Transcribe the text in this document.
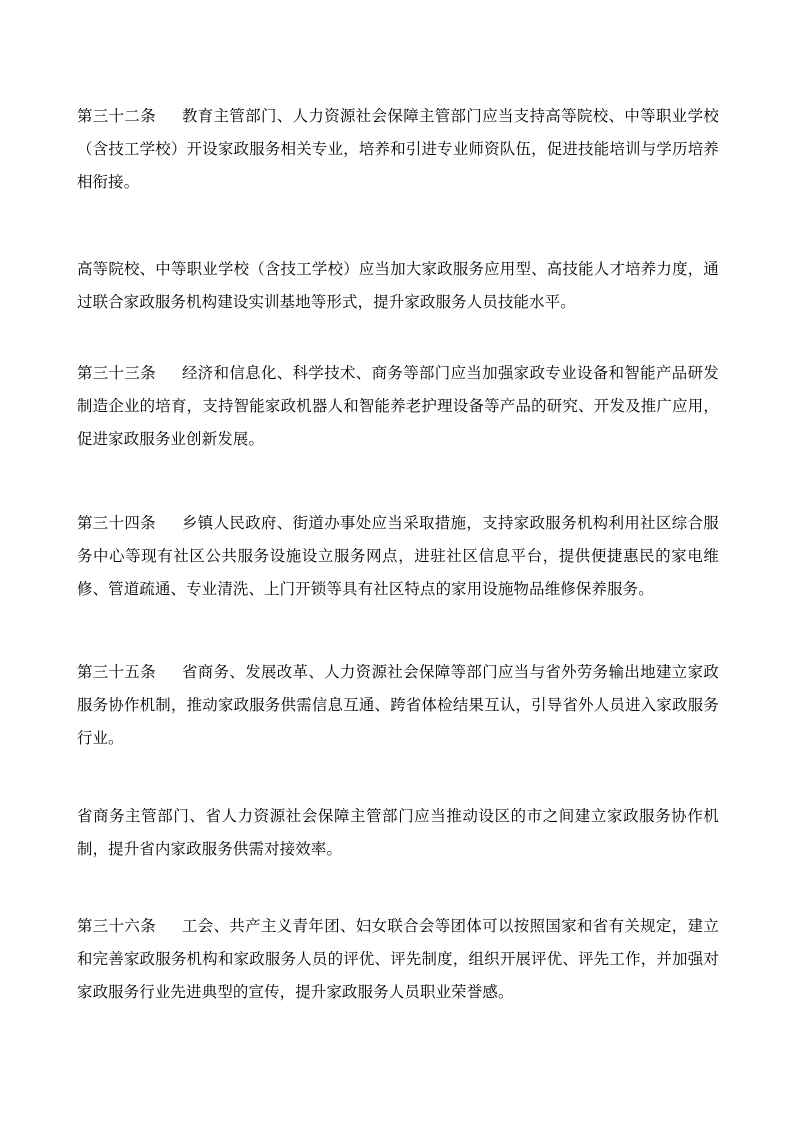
第三十二条 教育主管部门、人力资源社会保障主管部门应当支持高等院校、中等职业学校（含技工学校）开设家政服务相关专业，培养和引进专业师资队伍，促进技能培训与学历培养相衔接。

高等院校、中等职业学校（含技工学校）应当加大家政服务应用型、高技能人才培养力度，通过联合家政服务机构建设实训基地等形式，提升家政服务人员技能水平。

第三十三条 经济和信息化、科学技术、商务等部门应当加强家政专业设备和智能产品研发制造企业的培育，支持智能家政机器人和智能养老护理设备等产品的研究、开发及推广应用，促进家政服务业创新发展。

第三十四条 乡镇人民政府、街道办事处应当采取措施，支持家政服务机构利用社区综合服务中心等现有社区公共服务设施设立服务网点，进驻社区信息平台，提供便捷惠民的家电维修、管道疏通、专业清洗、上门开锁等具有社区特点的家用设施物品维修保养服务。

第三十五条 省商务、发展改革、人力资源社会保障等部门应当与省外劳务输出地建立家政服务协作机制，推动家政服务供需信息互通、跨省体检结果互认，引导省外人员进入家政服务行业。

省商务主管部门、省人力资源社会保障主管部门应当推动设区的市之间建立家政服务协作机制，提升省内家政服务供需对接效率。

第三十六条 工会、共产主义青年团、妇女联合会等团体可以按照国家和省有关规定，建立和完善家政服务机构和家政服务人员的评优、评先制度，组织开展评优、评先工作，并加强对家政服务行业先进典型的宣传，提升家政服务人员职业荣誉感。
